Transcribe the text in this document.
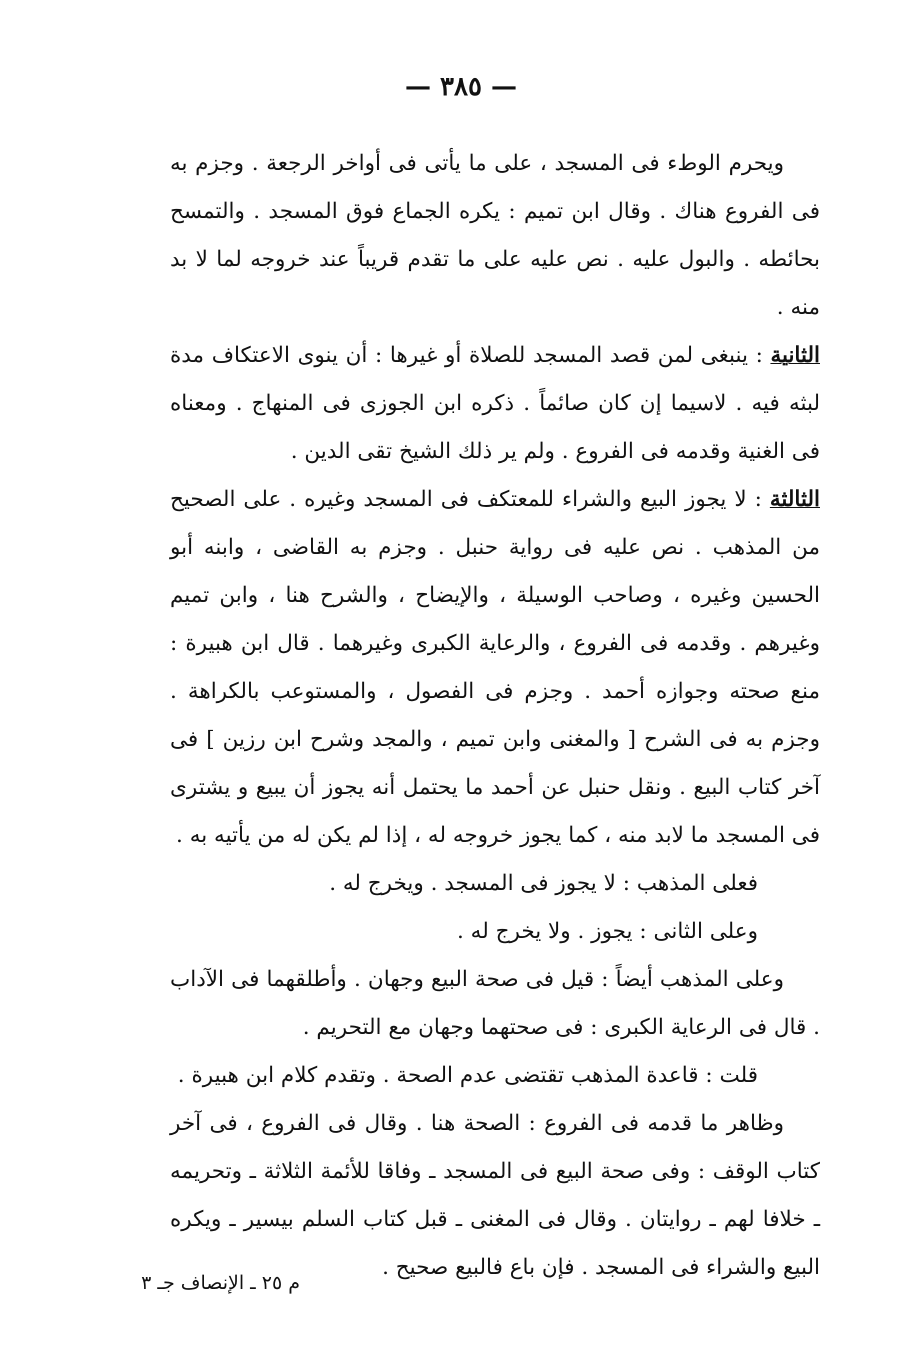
— ٣٨٥ —

ويحرم الوطء فى المسجد ، على ما يأتى فى أواخر الرجعة . وجزم به فى الفروع هناك . وقال ابن تميم : يكره الجماع فوق المسجد . والتمسح بحائطه . والبول عليه . نص عليه على ما تقدم قريباً عند خروجه لما لا بد منه .

الثانية : ينبغى لمن قصد المسجد للصلاة أو غيرها : أن ينوى الاعتكاف مدة لبثه فيه . لاسيما إن كان صائماً . ذكره ابن الجوزى فى المنهاج . ومعناه فى الغنية وقدمه فى الفروع . ولم ير ذلك الشيخ تقى الدين .

الثالثة : لا يجوز البيع والشراء للمعتكف فى المسجد وغيره . على الصحيح من المذهب . نص عليه فى رواية حنبل . وجزم به القاضى ، وابنه أبو الحسين وغيره ، وصاحب الوسيلة ، والإيضاح ، والشرح هنا ، وابن تميم وغيرهم . وقدمه فى الفروع ، والرعاية الكبرى وغيرهما . قال ابن هبيرة : منع صحته وجوازه أحمد . وجزم فى الفصول ، والمستوعب بالكراهة . وجزم به فى الشرح [ والمغنى وابن تميم ، والمجد وشرح ابن رزين ] فى آخر كتاب البيع . ونقل حنبل عن أحمد ما يحتمل أنه يجوز أن يبيع و يشترى فى المسجد ما لابد منه ، كما يجوز خروجه له ، إذا لم يكن له من يأتيه به .

فعلى المذهب : لا يجوز فى المسجد . ويخرج له .

وعلى الثانى : يجوز . ولا يخرج له .

وعلى المذهب أيضاً : قيل فى صحة البيع وجهان . وأطلقهما فى الآداب . قال فى الرعاية الكبرى : فى صحتهما وجهان مع التحريم .

قلت : قاعدة المذهب تقتضى عدم الصحة . وتقدم كلام ابن هبيرة .

وظاهر ما قدمه فى الفروع : الصحة هنا . وقال فى الفروع ، فى آخر كتاب الوقف : وفى صحة البيع فى المسجد ـ وفاقا للأئمة الثلاثة ـ وتحريمه ـ خلافا لهم ـ روايتان . وقال فى المغنى ـ قبل كتاب السلم بيسير ـ ويكره البيع والشراء فى المسجد . فإن باع فالبيع صحيح .

م ٢٥ ـ الإنصاف جـ ٣
